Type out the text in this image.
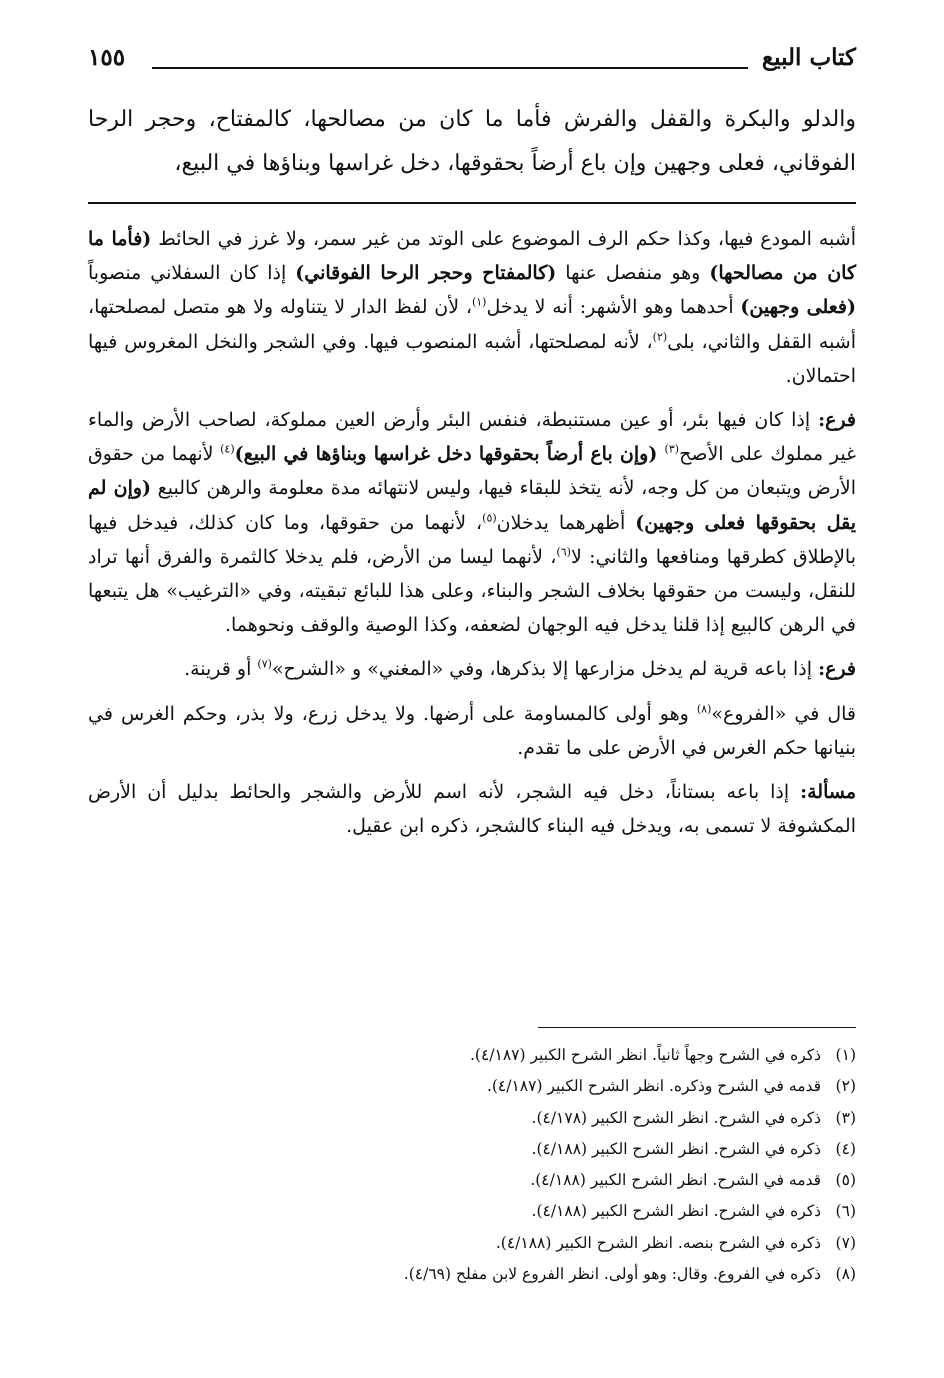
كتاب البيع
١٥٥
والدلو والبكرة والقفل والفرش فأما ما كان من مصالحها، كالمفتاح، وحجر الرحا الفوقاني، فعلى وجهين وإن باع أرضاً بحقوقها، دخل غراسها وبناؤها في البيع،

أشبه المودع فيها، وكذا حكم الرف الموضوع على الوتد من غير سمر، ولا غرز في الحائط (فأما ما كان من مصالحها) وهو منفصل عنها (كالمفتاح وحجر الرحا الفوقاني) إذا كان السفلاني منصوباً (فعلى وجهين) أحدهما وهو الأشهر: أنه لا يدخل$^{(١)}$، لأن لفظ الدار لا يتناوله ولا هو متصل لمصلحتها، أشبه القفل والثاني، بلى$^{(٢)}$، لأنه لمصلحتها، أشبه المنصوب فيها. وفي الشجر والنخل المغروس فيها احتمالان.

فرع: إذا كان فيها بئر، أو عين مستنبطة، فنفس البئر وأرض العين مملوكة، لصاحب الأرض والماء غير مملوك على الأصح$^{(٣)}$ (وإن باع أرضاً بحقوقها دخل غراسها وبناؤها في البيع)$^{(٤)}$ لأنهما من حقوق الأرض ويتبعان من كل وجه، لأنه يتخذ للبقاء فيها، وليس لانتهائه مدة معلومة والرهن كالبيع (وإن لم يقل بحقوقها فعلى وجهين) أظهرهما يدخلان$^{(٥)}$، لأنهما من حقوقها، وما كان كذلك، فيدخل فيها بالإطلاق كطرقها ومنافعها والثاني: لا$^{(٦)}$، لأنهما ليسا من الأرض، فلم يدخلا كالثمرة والفرق أنها تراد للنقل، وليست من حقوقها بخلاف الشجر والبناء، وعلى هذا للبائع تبقيته، وفي «الترغيب» هل يتبعها في الرهن كالبيع إذا قلنا يدخل فيه الوجهان لضعفه، وكذا الوصية والوقف ونحوهما.

فرع: إذا باعه قرية لم يدخل مزارعها إلا بذكرها، وفي «المغني» و «الشرح»$^{(٧)}$ أو قرينة.

قال في «الفروع»$^{(٨)}$ وهو أولى كالمساومة على أرضها. ولا يدخل زرع، ولا بذر، وحكم الغرس في بنيانها حكم الغرس في الأرض على ما تقدم.

مسألة: إذا باعه بستاناً، دخل فيه الشجر، لأنه اسم للأرض والشجر والحائط بدليل أن الأرض المكشوفة لا تسمى به، ويدخل فيه البناء كالشجر، ذكره ابن عقيل.

(١) ذكره في الشرح وجهاً ثانياً. انظر الشرح الكبير (٤/١٨٧).
(٢) قدمه في الشرح وذكره. انظر الشرح الكبير (٤/١٨٧).
(٣) ذكره في الشرح. انظر الشرح الكبير (٤/١٧٨).
(٤) ذكره في الشرح. انظر الشرح الكبير (٤/١٨٨).
(٥) قدمه في الشرح. انظر الشرح الكبير (٤/١٨٨).
(٦) ذكره في الشرح. انظر الشرح الكبير (٤/١٨٨).
(٧) ذكره في الشرح بنصه. انظر الشرح الكبير (٤/١٨٨).
(٨) ذكره في الفروع. وقال: وهو أولى. انظر الفروع لابن مفلح (٤/٦٩).
